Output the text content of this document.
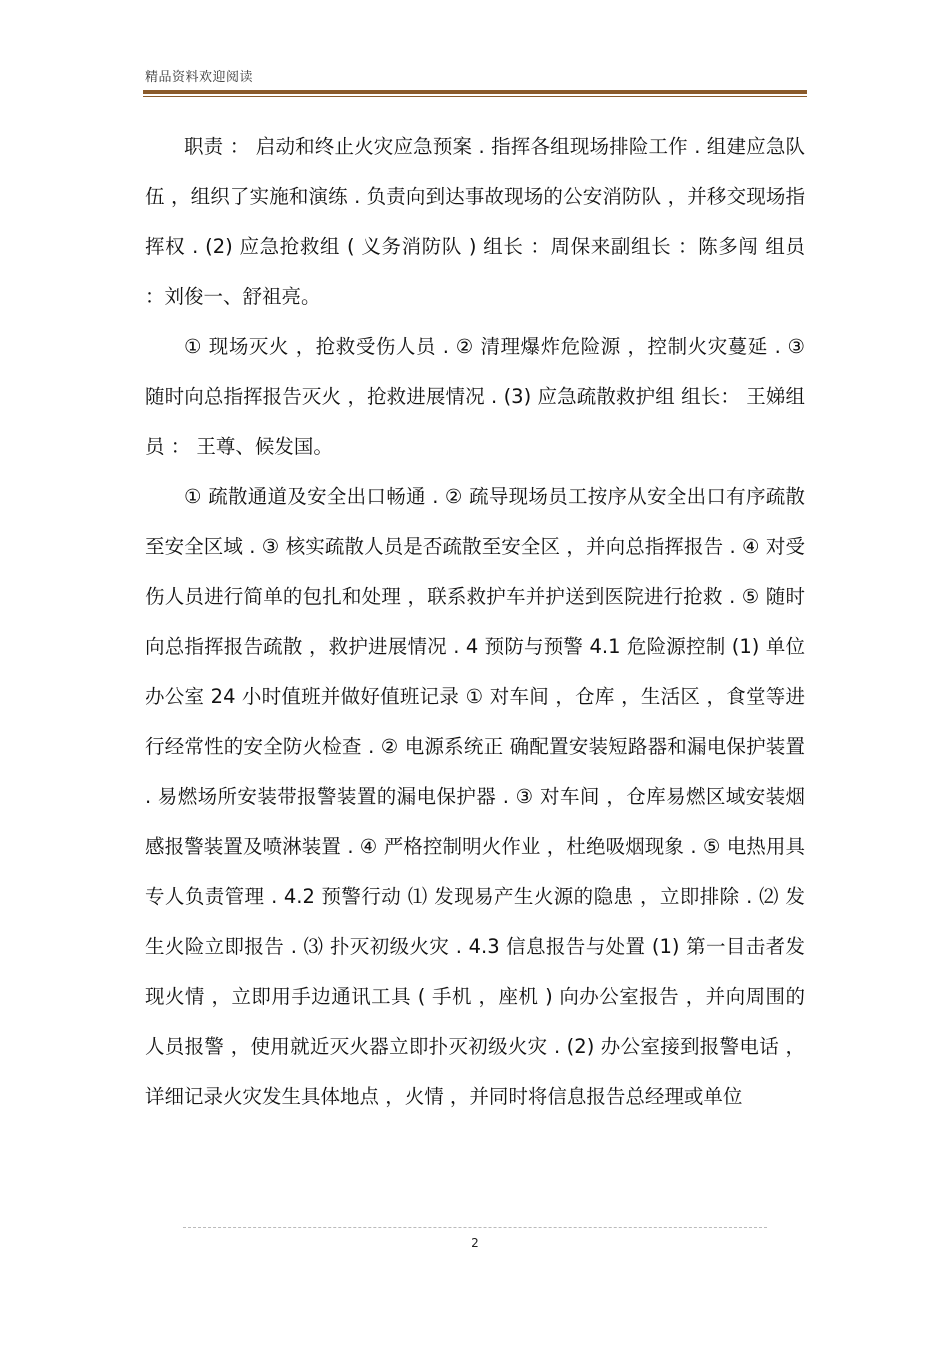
精品资料欢迎阅读

职责 ： 启动和终止火灾应急预案 . 指挥各组现场排险工作 . 组建应急队伍 ，组织了实施和演练 . 负责向到达事故现场的公安消防队 ，并移交现场指挥权 . (2) 应急抢救组 ( 义务消防队 ) 组长 ：周保来副组长 ：陈多闯 组员 ：刘俊一、舒祖亮。

① 现场灭火 ，抢救受伤人员 . ② 清理爆炸危险源 ，控制火灾蔓延 . ③ 随时向总指挥报告灭火 ，抢救进展情况 . (3) 应急疏散救护组 组长： 王娣组员 ： 王尊、候发国。

① 疏散通道及安全出口畅通 . ② 疏导现场员工按序从安全出口有序疏散至安全区域 . ③ 核实疏散人员是否疏散至安全区 ，并向总指挥报告 . ④ 对受伤人员进行简单的包扎和处理 ，联系救护车并护送到医院进行抢救 . ⑤ 随时向总指挥报告疏散 ，救护进展情况 . 4 预防与预警 4.1 危险源控制 (1) 单位办公室 24 小时值班并做好值班记录 ① 对车间 ，仓库 ，生活区 ，食堂等进行经常性的安全防火检查 . ② 电源系统正 确配置安装短路器和漏电保护装置 . 易燃场所安装带报警装置的漏电保护器 . ③ 对车间 ，仓库易燃区域安装烟感报警装置及喷淋装置 . ④ 严格控制明火作业 ，杜绝吸烟现象 . ⑤ 电热用具专人负责管理 . 4.2 预警行动 ⑴ 发现易产生火源的隐患 ，立即排除 . ⑵ 发生火险立即报告 . ⑶ 扑灭初级火灾 . 4.3 信息报告与处置 (1) 第一目击者发现火情 ，立即用手边通讯工具 ( 手机 ，座机 ) 向办公室报告 ，并向周围的人员报警 ，使用就近灭火器立即扑灭初级火灾 . (2) 办公室接到报警电话 ，详细记录火灾发生具体地点 ，火情 ，并同时将信息报告总经理或单位

2
